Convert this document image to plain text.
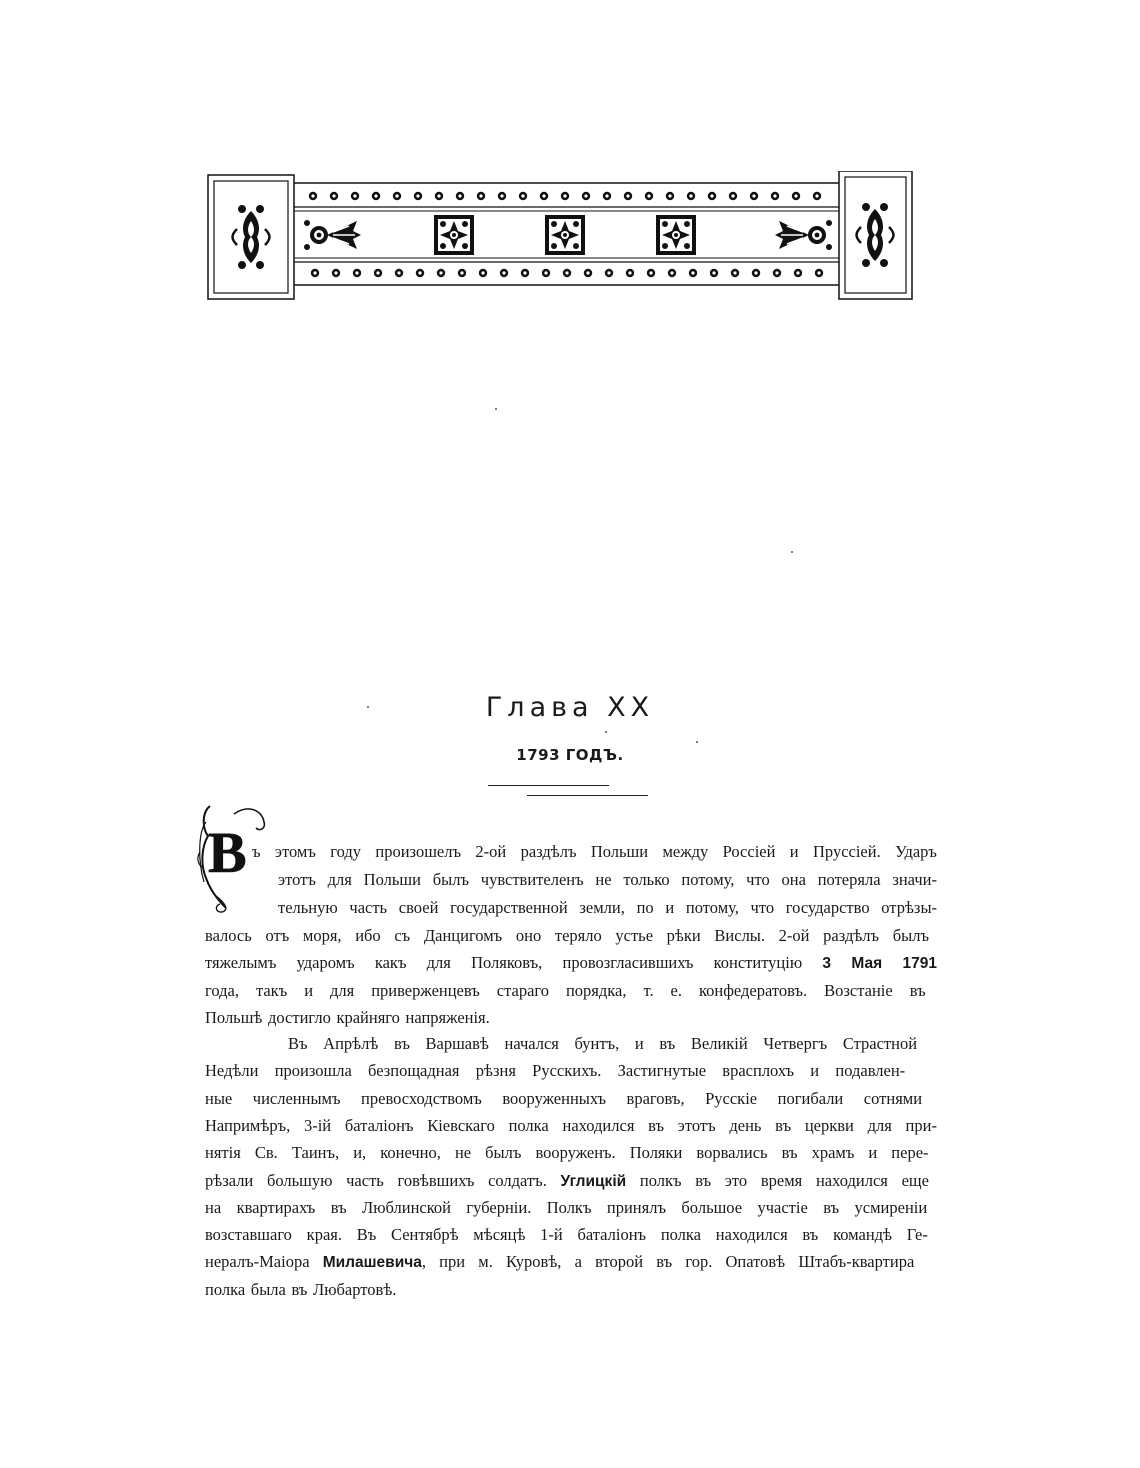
Глава XX
1793 ГОДЪ.
В ъ этомъ году произошелъ 2-ой раздѣлъ Польши между Россіей и Пруссіей. Ударъ
этотъ для Польши былъ чувствителенъ не только потому, что она потеряла значи-
тельную часть своей государственной земли, по и потому, что государство отрѣзы-
валось отъ моря, ибо съ Данцигомъ оно теряло устье рѣки Вислы. 2-ой раздѣлъ былъ
тяжелымъ ударомъ какъ для Поляковъ, провозгласившихъ конституцію 3 Мая 1791
года, такъ и для приверженцевъ стараго порядка, т. е. конфедератовъ. Возстаніе въ
Польшѣ достигло крайняго напряженія.
Въ Апрѣлѣ въ Варшавѣ начался бунтъ, и въ Великій Четвергъ Страстной
Недѣли произошла безпощадная рѣзня Русскихъ. Застигнутые врасплохъ и подавлен-
ные численнымъ превосходствомъ вооруженныхъ враговъ, Русскіе погибали сотнями
Напримѣръ, 3-ій баталіонъ Кіевскаго полка находился въ этотъ день въ церкви для при-
нятія Св. Таинъ, и, конечно, не былъ вооруженъ. Поляки ворвались въ храмъ и пере-
рѣзали большую часть говѣвшихъ солдатъ. Углицкій полкъ въ это время находился еще
на квартирахъ въ Люблинской губерніи. Полкъ принялъ большое участіе въ усмиреніи
возставшаго края. Въ Сентябрѣ мѣсяцѣ 1-й баталіонъ полка находился въ командѣ Ге-
нералъ-Маіора Милашевича, при м. Куровѣ, а второй въ гор. Опатовѣ Штабъ-квартира
полка была въ Любартовѣ.
